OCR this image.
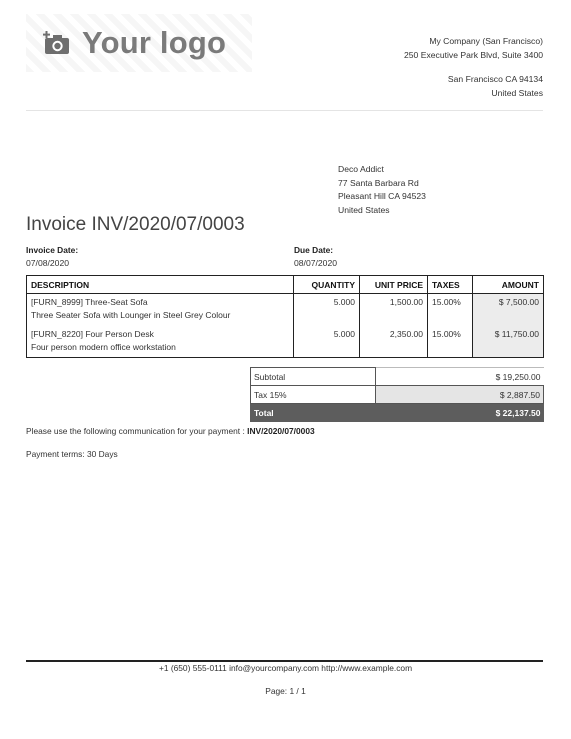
Your logo	My Company (San Francisco)
250 Executive Park Blvd, Suite 3400
San Francisco CA 94134
United States
Deco Addict
77 Santa Barbara Rd
Pleasant Hill CA 94523
United States
Invoice INV/2020/07/0003
Invoice Date:
07/08/2020
Due Date:
08/07/2020
DESCRIPTION	QUANTITY	UNIT PRICE	TAXES	AMOUNT
[FURN_8999] Three-Seat Sofa
Three Seater Sofa with Lounger in Steel Grey Colour	5.000	1,500.00	15.00%	$ 7,500.00
[FURN_8220] Four Person Desk
Four person modern office workstation	5.000	2,350.00	15.00%	$ 11,750.00
Subtotal	$ 19,250.00
Tax 15%	$ 2,887.50
Total	$ 22,137.50
Please use the following communication for your payment : INV/2020/07/0003
Payment terms: 30 Days
+1 (650) 555-0111 info@yourcompany.com http://www.example.com
Page: 1 / 1
